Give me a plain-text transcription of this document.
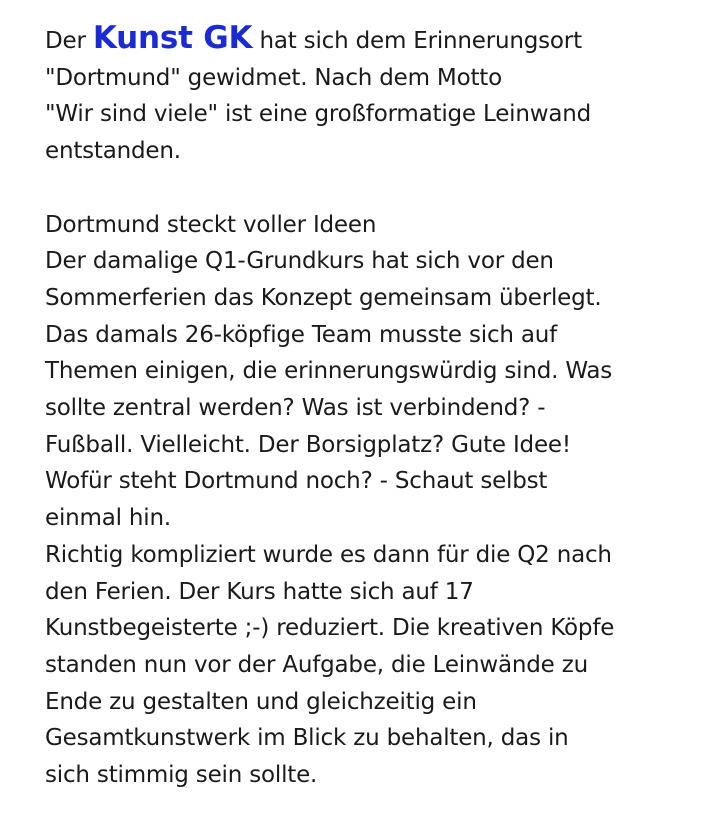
Der Kunst GK hat sich dem Erinnerungsort
"Dortmund" gewidmet. Nach dem Motto
"Wir sind viele" ist eine großformatige Leinwand
entstanden.
Dortmund steckt voller Ideen
Der damalige Q1-Grundkurs hat sich vor den
Sommerferien das Konzept gemeinsam überlegt.
Das damals 26-köpfige Team musste sich auf
Themen einigen, die erinnerungswürdig sind. Was
sollte zentral werden? Was ist verbindend? -
Fußball. Vielleicht. Der Borsigplatz? Gute Idee!
Wofür steht Dortmund noch? - Schaut selbst
einmal hin.
Richtig kompliziert wurde es dann für die Q2 nach
den Ferien. Der Kurs hatte sich auf 17
Kunstbegeisterte ;-) reduziert. Die kreativen Köpfe
standen nun vor der Aufgabe, die Leinwände zu
Ende zu gestalten und gleichzeitig ein
Gesamtkunstwerk im Blick zu behalten, das in
sich stimmig sein sollte.
